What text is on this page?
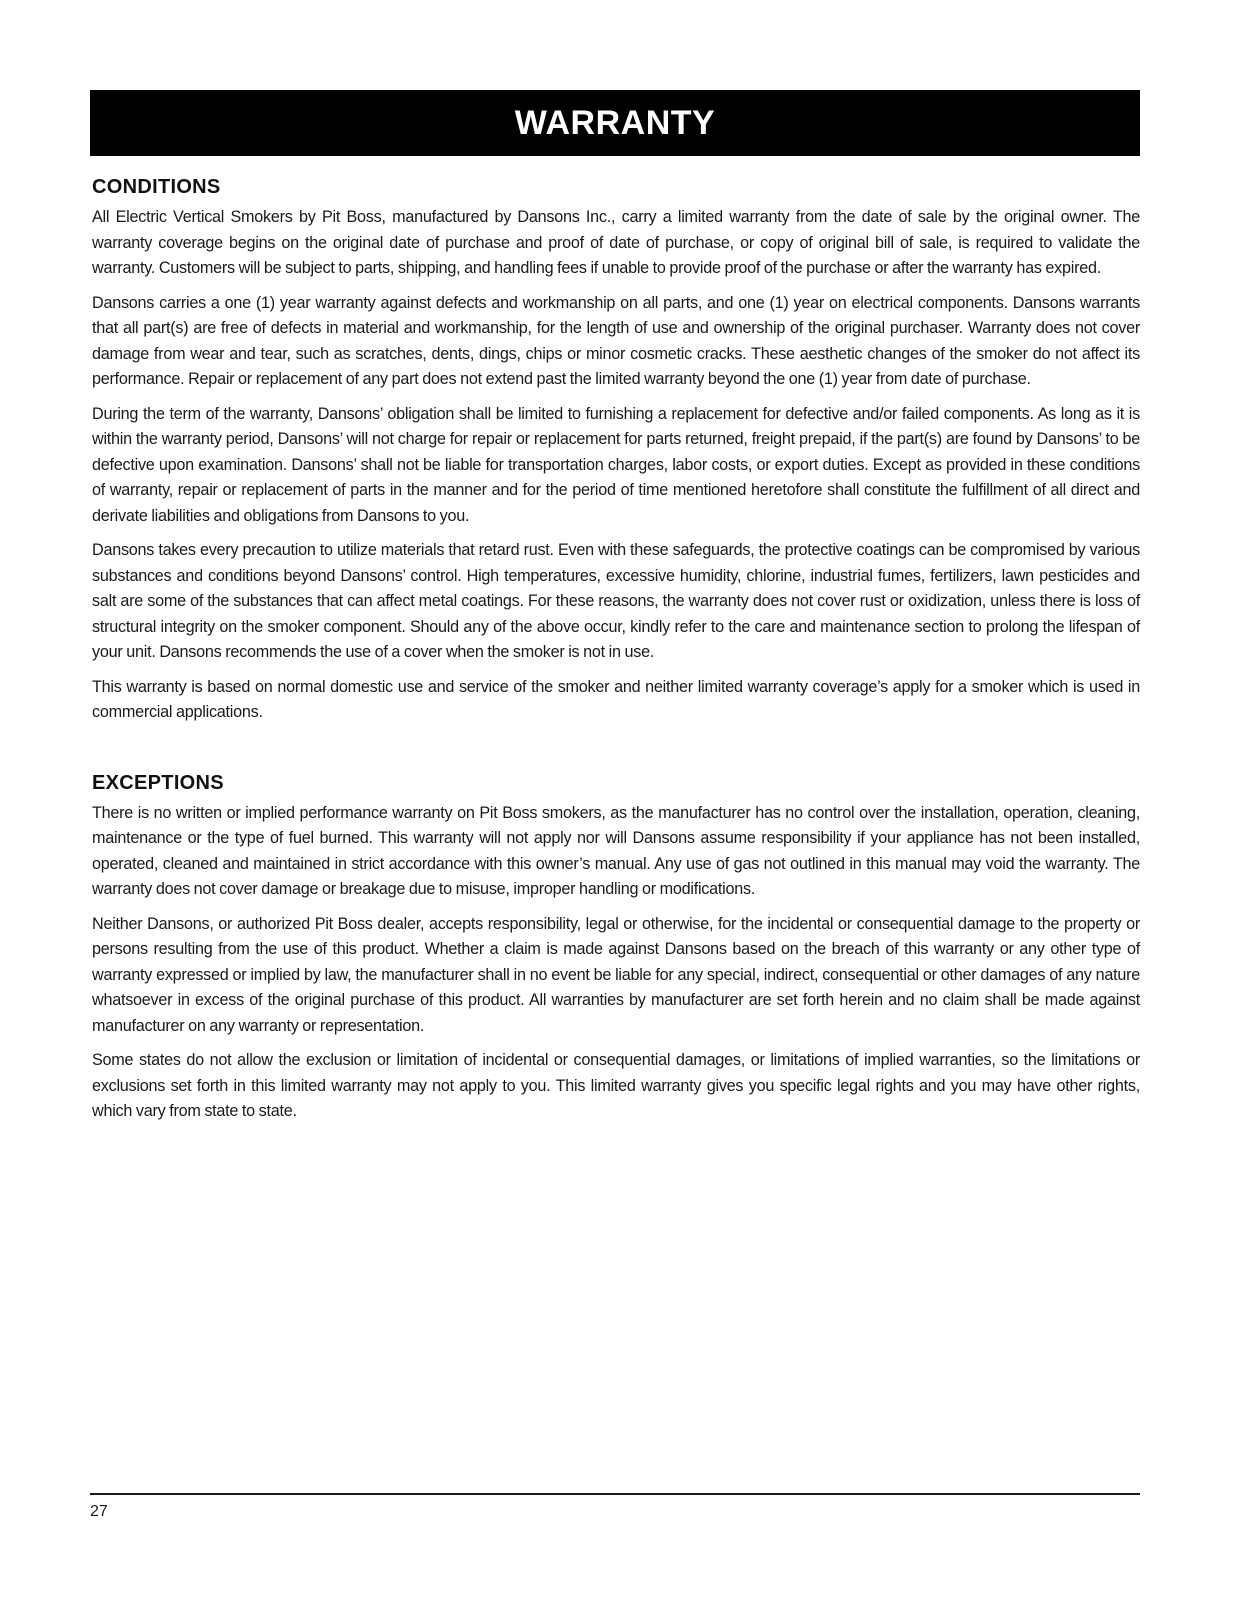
WARRANTY
CONDITIONS

All Electric Vertical Smokers by Pit Boss, manufactured by Dansons Inc., carry a limited warranty from the date of sale by the original owner. The warranty coverage begins on the original date of purchase and proof of date of purchase, or copy of original bill of sale, is required to validate the warranty. Customers will be subject to parts, shipping, and handling fees if unable to provide proof of the purchase or after the warranty has expired.

Dansons carries a one (1) year warranty against defects and workmanship on all parts, and one (1) year on electrical components. Dansons warrants that all part(s) are free of defects in material and workmanship, for the length of use and ownership of the original purchaser. Warranty does not cover damage from wear and tear, such as scratches, dents, dings, chips or minor cosmetic cracks. These aesthetic changes of the smoker do not affect its performance. Repair or replacement of any part does not extend past the limited warranty beyond the one (1) year from date of purchase.

During the term of the warranty, Dansons’ obligation shall be limited to furnishing a replacement for defective and/or failed components. As long as it is within the warranty period, Dansons’ will not charge for repair or replacement for parts returned, freight prepaid, if the part(s) are found by Dansons’ to be defective upon examination. Dansons’ shall not be liable for transportation charges, labor costs, or export duties. Except as provided in these conditions of warranty, repair or replacement of parts in the manner and for the period of time mentioned heretofore shall constitute the fulfillment of all direct and derivate liabilities and obligations from Dansons to you.

Dansons takes every precaution to utilize materials that retard rust. Even with these safeguards, the protective coatings can be compromised by various substances and conditions beyond Dansons’ control. High temperatures, excessive humidity, chlorine, industrial fumes, fertilizers, lawn pesticides and salt are some of the substances that can affect metal coatings. For these reasons, the warranty does not cover rust or oxidization, unless there is loss of structural integrity on the smoker component. Should any of the above occur, kindly refer to the care and maintenance section to prolong the lifespan of your unit. Dansons recommends the use of a cover when the smoker is not in use.

This warranty is based on normal domestic use and service of the smoker and neither limited warranty coverage’s apply for a smoker which is used in commercial applications.

EXCEPTIONS

There is no written or implied performance warranty on Pit Boss smokers, as the manufacturer has no control over the installation, operation, cleaning, maintenance or the type of fuel burned. This warranty will not apply nor will Dansons assume responsibility if your appliance has not been installed, operated, cleaned and maintained in strict accordance with this owner’s manual. Any use of gas not outlined in this manual may void the warranty. The warranty does not cover damage or breakage due to misuse, improper handling or modifications.

Neither Dansons, or authorized Pit Boss dealer, accepts responsibility, legal or otherwise, for the incidental or consequential damage to the property or persons resulting from the use of this product. Whether a claim is made against Dansons based on the breach of this warranty or any other type of warranty expressed or implied by law, the manufacturer shall in no event be liable for any special, indirect, consequential or other damages of any nature whatsoever in excess of the original purchase of this product. All warranties by manufacturer are set forth herein and no claim shall be made against manufacturer on any warranty or representation.

Some states do not allow the exclusion or limitation of incidental or consequential damages, or limitations of implied warranties, so the limitations or exclusions set forth in this limited warranty may not apply to you. This limited warranty gives you specific legal rights and you may have other rights, which vary from state to state.

27
